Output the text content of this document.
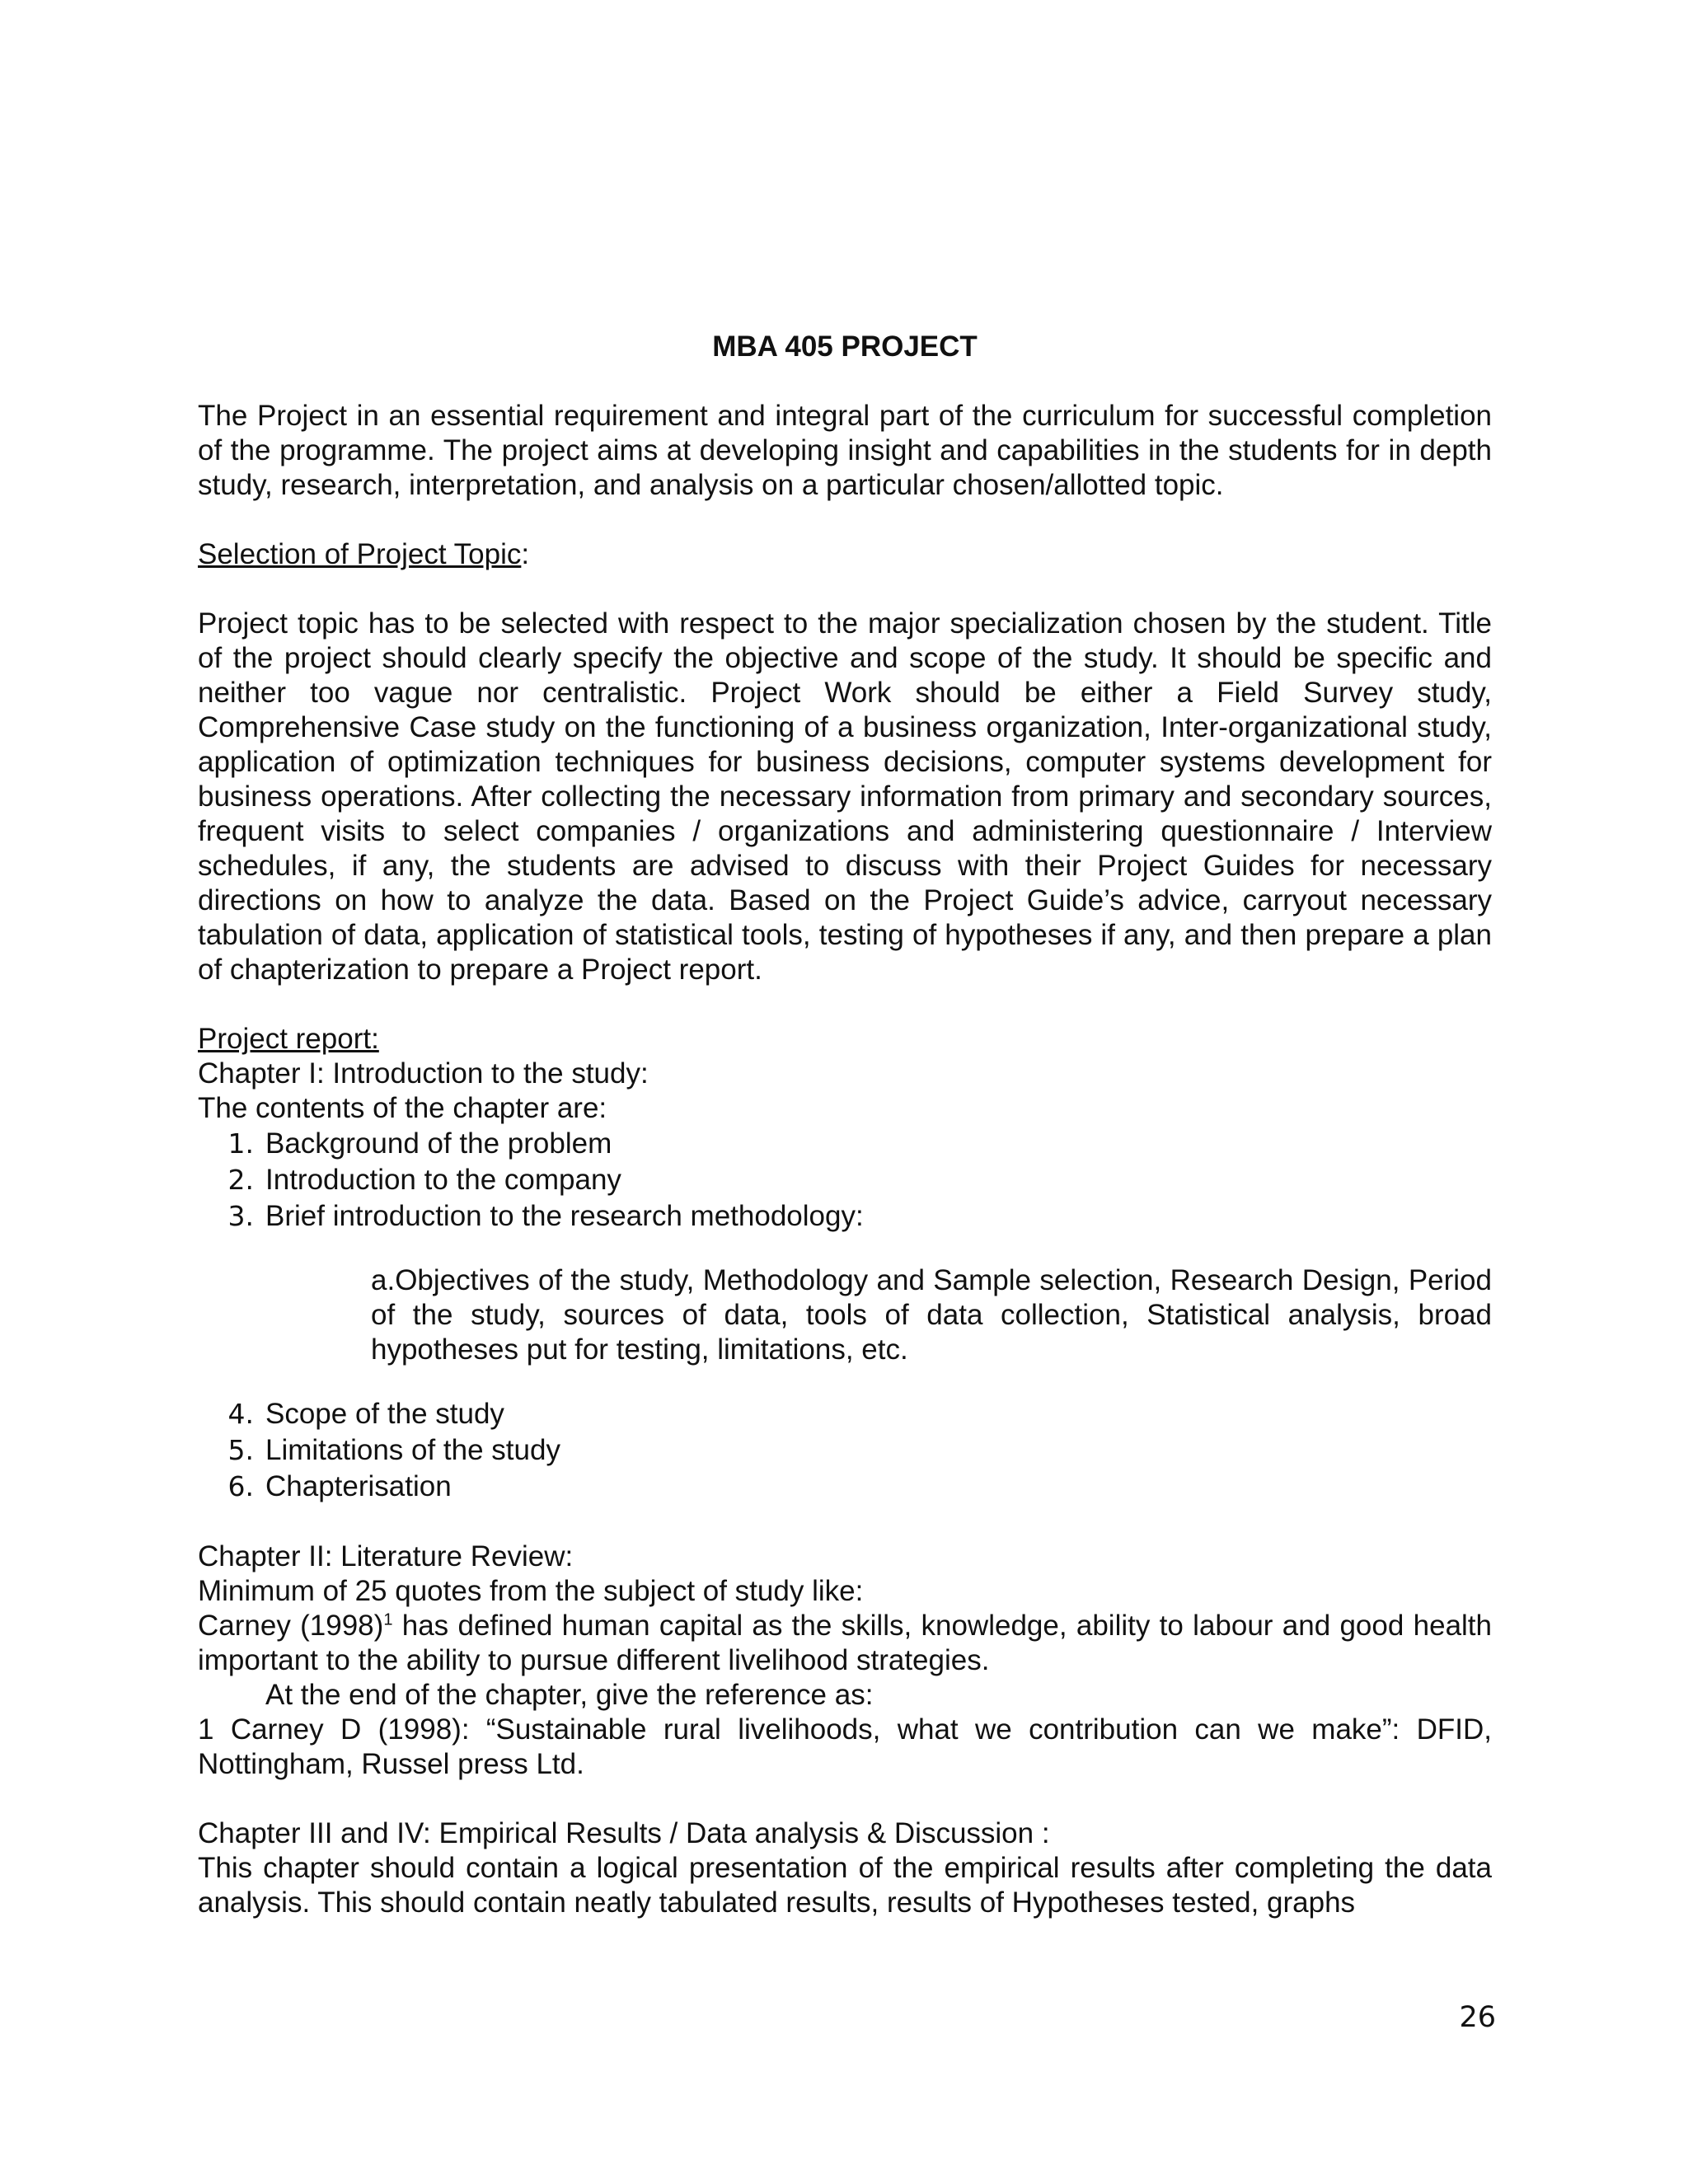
MBA 405 PROJECT

The Project in an essential requirement and integral part of the curriculum for successful completion of the programme. The project aims at developing insight and capabilities in the students for in depth study, research, interpretation, and analysis on a particular chosen/allotted topic.

Selection of Project Topic:

Project topic has to be selected with respect to the major specialization chosen by the student. Title of the project should clearly specify the objective and scope of the study. It should be specific and neither too vague nor centralistic. Project Work should be either a Field Survey study, Comprehensive Case study on the functioning of a business organization, Inter-organizational study, application of optimization techniques for business decisions, computer systems development for business operations. After collecting the necessary information from primary and secondary sources, frequent visits to select companies / organizations and administering questionnaire / Interview schedules, if any, the students are advised to discuss with their Project Guides for necessary directions on how to analyze the data. Based on the Project Guide’s advice, carryout necessary tabulation of data, application of statistical tools, testing of hypotheses if any, and then prepare a plan of chapterization to prepare a Project report.

Project report:

Chapter I: Introduction to the study:

The contents of the chapter are:

1. Background of the problem
2. Introduction to the company
3. Brief introduction to the research methodology:

a.Objectives of the study, Methodology and Sample selection, Research Design, Period of the study, sources of data, tools of data collection, Statistical analysis, broad hypotheses put for testing, limitations, etc.

4. Scope of the study
5. Limitations of the study
6. Chapterisation

Chapter II: Literature Review:

Minimum of 25 quotes from the subject of study like:

Carney $(1998)^1$ has defined human capital as the skills, knowledge, ability to labour and good health important to the ability to pursue different livelihood strategies.

At the end of the chapter, give the reference as:

1 Carney D (1998): “Sustainable rural livelihoods, what we contribution can we make”: DFID, Nottingham, Russel press Ltd.

Chapter III and IV: Empirical Results / Data analysis & Discussion :

This chapter should contain a logical presentation of the empirical results after completing the data analysis. This should contain neatly tabulated results, results of Hypotheses tested, graphs

26
